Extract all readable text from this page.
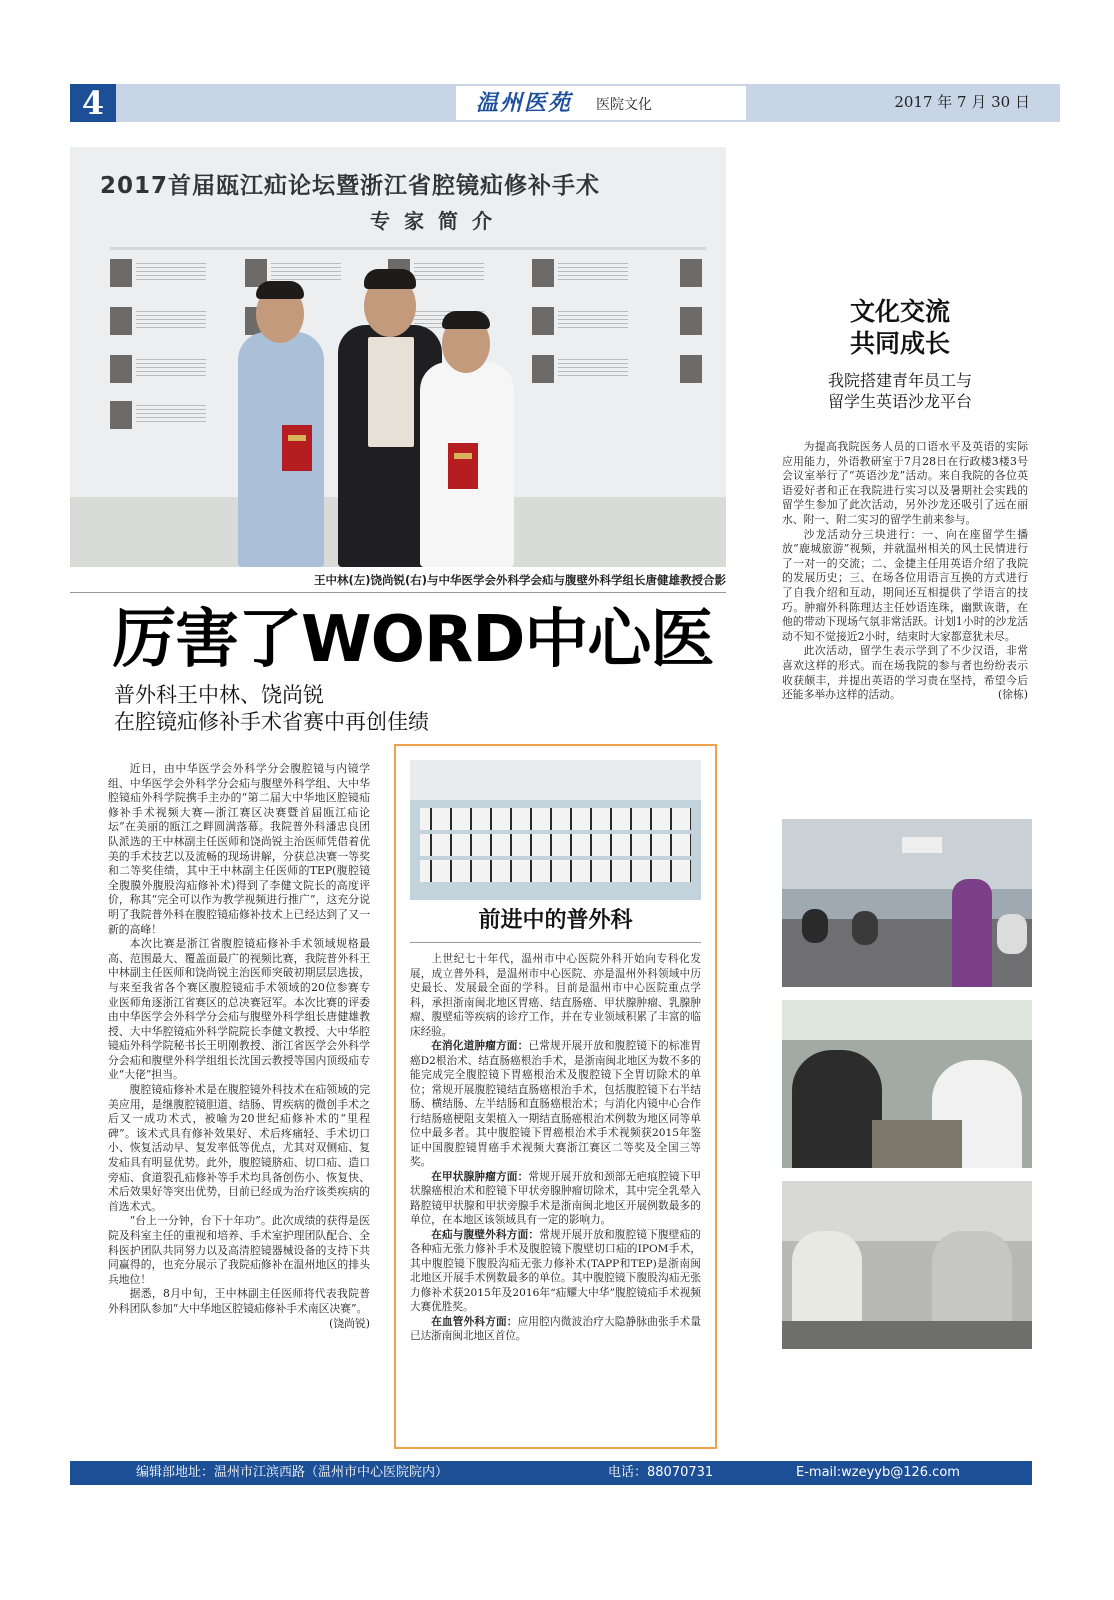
4	温州医苑 医院文化	2017 年 7 月 30 日
2017首届瓯江疝论坛暨浙江省腔镜疝修补手术
专家简介
王中林(左)饶尚锐(右)与中华医学会外科学会疝与腹壁外科学组长唐健雄教授合影
厉害了WORD中心医
普外科王中林、饶尚锐
在腔镜疝修补手术省赛中再创佳绩

近日，由中华医学会外科学分会腹腔镜与内镜学组、中华医学会外科学分会疝与腹壁外科学组、大中华腔镜疝外科学院携手主办的“第二届大中华地区腔镜疝修补手术视频大赛—浙江赛区决赛暨首届瓯江疝论坛”在美丽的瓯江之畔圆满落幕。我院普外科潘忠良团队派选的王中林副主任医师和饶尚锐主治医师凭借着优美的手术技艺以及流畅的现场讲解，分获总决赛一等奖和二等奖佳绩，其中王中林副主任医师的TEP(腹腔镜全腹膜外腹股沟疝修补术)得到了李健文院长的高度评价，称其“完全可以作为教学视频进行推广”，这充分说明了我院普外科在腹腔镜疝修补技术上已经达到了又一新的高峰！

本次比赛是浙江省腹腔镜疝修补手术领域规格最高、范围最大、覆盖面最广的视频比赛，我院普外科王中林副主任医师和饶尚锐主治医师突破初期层层选拔，与来至我省各个赛区腹腔镜疝手术领域的20位参赛专业医师角逐浙江省赛区的总决赛冠军。本次比赛的评委由中华医学会外科学分会疝与腹壁外科学组长唐健雄教授、大中华腔镜疝外科学院院长李健文教授、大中华腔镜疝外科学院秘书长王明刚教授、浙江省医学会外科学分会疝和腹壁外科学组组长沈国云教授等国内顶级疝专业“大佬”担当。

腹腔镜疝修补术是在腹腔镜外科技术在疝领域的完美应用，是继腹腔镜胆道、结肠、胃疾病的微创手术之后又一成功术式，被喻为20世纪疝修补术的“里程碑”。该术式具有修补效果好、术后疼痛轻、手术切口小、恢复活动早、复发率低等优点，尤其对双侧疝、复发疝具有明显优势。此外，腹腔镜脐疝、切口疝、造口旁疝、食道裂孔疝修补等手术均具备创伤小、恢复快、术后效果好等突出优势，目前已经成为治疗该类疾病的首选术式。

“台上一分钟，台下十年功”。此次成绩的获得是医院及科室主任的重视和培养、手术室护理团队配合、全科医护团队共同努力以及高清腔镜器械设备的支持下共同赢得的，也充分展示了我院疝修补在温州地区的排头兵地位！

据悉，8月中旬，王中林副主任医师将代表我院普外科团队参加“大中华地区腔镜疝修补手术南区决赛”。
(饶尚锐)

前进中的普外科

上世纪七十年代，温州市中心医院外科开始向专科化发展，成立普外科，是温州市中心医院、亦是温州外科领域中历史最长、发展最全面的学科。目前是温州市中心医院重点学科，承担浙南闽北地区胃癌、结直肠癌、甲状腺肿瘤、乳腺肿瘤、腹壁疝等疾病的诊疗工作，并在专业领域积累了丰富的临床经验。

在消化道肿瘤方面：已常规开展开放和腹腔镜下的标准胃癌D2根治术、结直肠癌根治手术，是浙南闽北地区为数不多的能完成完全腹腔镜下胃癌根治术及腹腔镜下全胃切除术的单位；常规开展腹腔镜结直肠癌根治手术，包括腹腔镜下右半结肠、横结肠、左半结肠和直肠癌根治术；与消化内镜中心合作行结肠癌梗阻支架植入一期结直肠癌根治术例数为地区同等单位中最多者。其中腹腔镜下胃癌根治术手术视频获2015年鉴证中国腹腔镜胃癌手术视频大赛浙江赛区二等奖及全国三等奖。

在甲状腺肿瘤方面：常规开展开放和颈部无疤痕腔镜下甲状腺癌根治术和腔镜下甲状旁腺肿瘤切除术，其中完全乳晕入路腔镜甲状腺和甲状旁腺手术是浙南闽北地区开展例数最多的单位，在本地区该领域具有一定的影响力。

在疝与腹壁外科方面：常规开展开放和腹腔镜下腹壁疝的各种疝无张力修补手术及腹腔镜下腹壁切口疝的IPOM手术，其中腹腔镜下腹股沟疝无张力修补术(TAPP和TEP)是浙南闽北地区开展手术例数最多的单位。其中腹腔镜下腹股沟疝无张力修补术获2015年及2016年“疝耀大中华”腹腔镜疝手术视频大赛优胜奖。

在血管外科方面：应用腔内微波治疗大隐静脉曲张手术量已达浙南闽北地区首位。

文化交流
共同成长
我院搭建青年员工与
留学生英语沙龙平台

为提高我院医务人员的口语水平及英语的实际应用能力，外语教研室于7月28日在行政楼3楼3号会议室举行了“英语沙龙”活动。来自我院的各位英语爱好者和正在我院进行实习以及暑期社会实践的留学生参加了此次活动，另外沙龙还吸引了远在丽水、附一、附二实习的留学生前来参与。

沙龙活动分三块进行：一、向在座留学生播放“鹿城旅游”视频，并就温州相关的风土民情进行了一对一的交流；二、金捷主任用英语介绍了我院的发展历史；三、在场各位用语言互换的方式进行了自我介绍和互动，期间还互相提供了学语言的技巧。肿瘤外科陈理达主任妙语连珠，幽默诙谐，在他的带动下现场气氛非常活跃。计划1小时的沙龙活动不知不觉接近2小时，结束时大家都意犹未尽。

此次活动，留学生表示学到了不少汉语，非常喜欢这样的形式。而在场我院的参与者也纷纷表示收获颇丰，并提出英语的学习贵在坚持，希望今后还能多举办这样的活动。	(徐栋)

编辑部地址：温州市江滨西路（温州市中心医院院内）	电话：88070731	E-mail:wzeyyb@126.com
